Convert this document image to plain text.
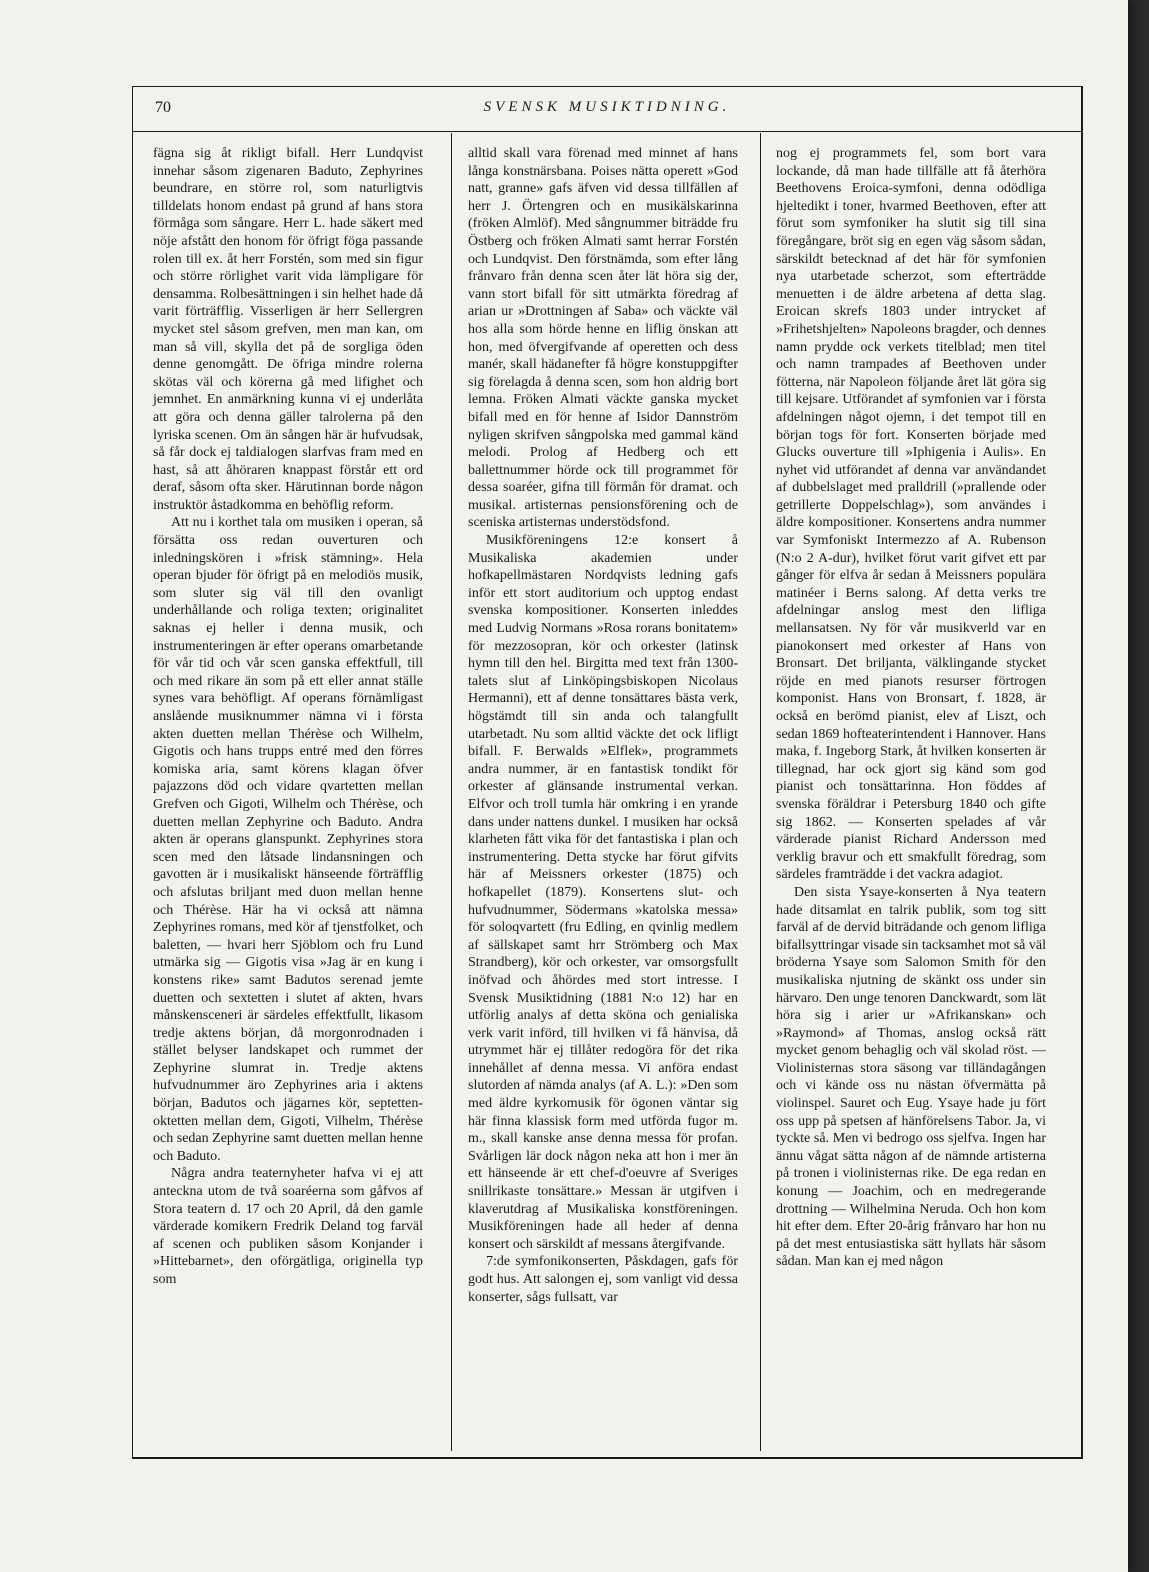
70	SVENSK MUSIKTIDNING.

fägna sig åt rikligt bifall. Herr Lundqvist innehar såsom zigenaren Baduto, Zephyrines beundrare, en större rol, som naturligtvis tilldelats honom endast på grund af hans stora förmåga som sångare. Herr L. hade säkert med nöje afstått den honom för öfrigt föga passande rolen till ex. åt herr Forstén, som med sin figur och större rörlighet varit vida lämpligare för densamma. Rolbesättningen i sin helhet hade då varit förträfflig. Visserligen är herr Sellergren mycket stel såsom grefven, men man kan, om man så vill, skylla det på de sorgliga öden denne genomgått. De öfriga mindre rolerna skötas väl och körerna gå med lifighet och jemnhet. En anmärkning kunna vi ej underlåta att göra och denna gäller talrolerna på den lyriska scenen. Om än sången här är hufvudsak, så får dock ej taldialogen slarfvas fram med en hast, så att åhöraren knappast förstår ett ord deraf, såsom ofta sker. Härutinnan borde någon instruktör åstadkomma en behöflig reform.

Att nu i korthet tala om musiken i operan, så försätta oss redan ouverturen och inledningskören i »frisk stämning». Hela operan bjuder för öfrigt på en melodiös musik, som sluter sig väl till den ovanligt underhållande och roliga texten; originalitet saknas ej heller i denna musik, och instrumenteringen är efter operans omarbetande för vår tid och vår scen ganska effektfull, till och med rikare än som på ett eller annat ställe synes vara behöfligt. Af operans förnämligast anslående musiknummer nämna vi i första akten duetten mellan Thérèse och Wilhelm, Gigotis och hans trupps entré med den förres komiska aria, samt körens klagan öfver pajazzons död och vidare qvartetten mellan Grefven och Gigoti, Wilhelm och Thérèse, och duetten mellan Zephyrine och Baduto. Andra akten är operans glanspunkt. Zephyrines stora scen med den låtsade lindansningen och gavotten är i musikaliskt hänseende förträfflig och afslutas briljant med duon mellan henne och Thérèse. Här ha vi också att nämna Zephyrines romans, med kör af tjenstfolket, och baletten, — hvari herr Sjöblom och fru Lund utmärka sig — Gigotis visa »Jag är en kung i konstens rike» samt Badutos serenad jemte duetten och sextetten i slutet af akten, hvars månskensceneri är särdeles effektfullt, likasom tredje aktens början, då morgonrodnaden i stället belyser landskapet och rummet der Zephyrine slumrat in. Tredje aktens hufvudnummer äro Zephyrines aria i aktens början, Badutos och jägarnes kör, septetten-oktetten mellan dem, Gigoti, Vilhelm, Thérèse och sedan Zephyrine samt duetten mellan henne och Baduto.

Några andra teaternyheter hafva vi ej att anteckna utom de två soaréerna som gåfvos af Stora teatern d. 17 och 20 April, då den gamle värderade komikern Fredrik Deland tog farväl af scenen och publiken såsom Konjander i »Hittebarnet», den oförgätliga, originella typ som

alltid skall vara förenad med minnet af hans långa konstnärsbana. Poises nätta operett »God natt, granne» gafs äfven vid dessa tillfällen af herr J. Örtengren och en musikälskarinna (fröken Almlöf). Med sångnummer biträdde fru Östberg och fröken Almati samt herrar Forstén och Lundqvist. Den förstnämda, som efter lång frånvaro från denna scen åter lät höra sig der, vann stort bifall för sitt utmärkta föredrag af arian ur »Drottningen af Saba» och väckte väl hos alla som hörde henne en liflig önskan att hon, med öfvergifvande af operetten och dess manér, skall hädanefter få högre konstuppgifter sig förelagda å denna scen, som hon aldrig bort lemna. Fröken Almati väckte ganska mycket bifall med en för henne af Isidor Dannström nyligen skrifven sångpolska med gammal känd melodi. Prolog af Hedberg och ett ballettnummer hörde ock till programmet för dessa soaréer, gifna till förmån för dramat. och musikal. artisternas pensionsförening och de sceniska artisternas understödsfond.

Musikföreningens 12:e konsert å Musikaliska akademien under hofkapellmästaren Nordqvists ledning gafs inför ett stort auditorium och upptog endast svenska kompositioner. Konserten inleddes med Ludvig Normans »Rosa rorans bonitatem» för mezzosopran, kör och orkester (latinsk hymn till den hel. Birgitta med text från 1300-talets slut af Linköpingsbiskopen Nicolaus Hermanni), ett af denne tonsättares bästa verk, högstämdt till sin anda och talangfullt utarbetadt. Nu som alltid väckte det ock lifligt bifall. F. Berwalds »Elflek», programmets andra nummer, är en fantastisk tondikt för orkester af glänsande instrumental verkan. Elfvor och troll tumla här omkring i en yrande dans under nattens dunkel. I musiken har också klarheten fått vika för det fantastiska i plan och instrumentering. Detta stycke har förut gifvits här af Meissners orkester (1875) och hofkapellet (1879). Konsertens slut- och hufvudnummer, Södermans »katolska messa» för soloqvartett (fru Edling, en qvinlig medlem af sällskapet samt hrr Strömberg och Max Strandberg), kör och orkester, var omsorgsfullt inöfvad och åhördes med stort intresse. I Svensk Musiktidning (1881 N:o 12) har en utförlig analys af detta sköna och genialiska verk varit införd, till hvilken vi få hänvisa, då utrymmet här ej tillåter redogöra för det rika innehållet af denna messa. Vi anföra endast slutorden af nämda analys (af A. L.): »Den som med äldre kyrkomusik för ögonen väntar sig här finna klassisk form med utförda fugor m. m., skall kanske anse denna messa för profan. Svårligen lär dock någon neka att hon i mer än ett hänseende är ett chef-d'oeuvre af Sveriges snillrikaste tonsättare.» Messan är utgifven i klaverutdrag af Musikaliska konstföreningen. Musikföreningen hade all heder af denna konsert och särskildt af messans återgifvande.

7:de symfonikonserten, Påskdagen, gafs för godt hus. Att salongen ej, som vanligt vid dessa konserter, sågs fullsatt, var

nog ej programmets fel, som bort vara lockande, då man hade tillfälle att få återhöra Beethovens Eroica-symfoni, denna odödliga hjeltedikt i toner, hvarmed Beethoven, efter att förut som symfoniker ha slutit sig till sina föregångare, bröt sig en egen väg såsom sådan, särskildt betecknad af det här för symfonien nya utarbetade scherzot, som efterträdde menuetten i de äldre arbetena af detta slag. Eroican skrefs 1803 under intrycket af »Frihetshjelten» Napoleons bragder, och dennes namn prydde ock verkets titelblad; men titel och namn trampades af Beethoven under fötterna, när Napoleon följande året lät göra sig till kejsare. Utförandet af symfonien var i första afdelningen något ojemn, i det tempot till en början togs för fort. Konserten började med Glucks ouverture till »Iphigenia i Aulis». En nyhet vid utförandet af denna var användandet af dubbelslaget med pralldrill (»prallende oder getrillerte Doppelschlag»), som användes i äldre kompositioner. Konsertens andra nummer var Symfoniskt Intermezzo af A. Rubenson (N:o 2 A-dur), hvilket förut varit gifvet ett par gånger för elfva år sedan å Meissners populära matinéer i Berns salong. Af detta verks tre afdelningar anslog mest den lifliga mellansatsen. Ny för vår musikverld var en pianokonsert med orkester af Hans von Bronsart. Det briljanta, välklingande stycket röjde en med pianots resurser förtrogen komponist. Hans von Bronsart, f. 1828, är också en berömd pianist, elev af Liszt, och sedan 1869 hofteaterintendent i Hannover. Hans maka, f. Ingeborg Stark, åt hvilken konserten är tillegnad, har ock gjort sig känd som god pianist och tonsättarinna. Hon föddes af svenska föräldrar i Petersburg 1840 och gifte sig 1862. — Konserten spelades af vår värderade pianist Richard Andersson med verklig bravur och ett smakfullt föredrag, som särdeles framträdde i det vackra adagiot.

Den sista Ysaye-konserten å Nya teatern hade ditsamlat en talrik publik, som tog sitt farväl af de dervid biträdande och genom lifliga bifallsyttringar visade sin tacksamhet mot så väl bröderna Ysaye som Salomon Smith för den musikaliska njutning de skänkt oss under sin härvaro. Den unge tenoren Danckwardt, som lät höra sig i arier ur »Afrikanskan» och »Raymond» af Thomas, anslog också rätt mycket genom behaglig och väl skolad röst. — Violinisternas stora säsong var tilländagången och vi kände oss nu nästan öfvermätta på violinspel. Sauret och Eug. Ysaye hade ju fört oss upp på spetsen af hänförelsens Tabor. Ja, vi tyckte så. Men vi bedrogo oss sjelfva. Ingen har ännu vågat sätta någon af de nämnde artisterna på tronen i violinisternas rike. De ega redan en konung — Joachim, och en medregerande drottning — Wilhelmina Neruda. Och hon kom hit efter dem. Efter 20-årig frånvaro har hon nu på det mest entusiastiska sätt hyllats här såsom sådan. Man kan ej med någon
